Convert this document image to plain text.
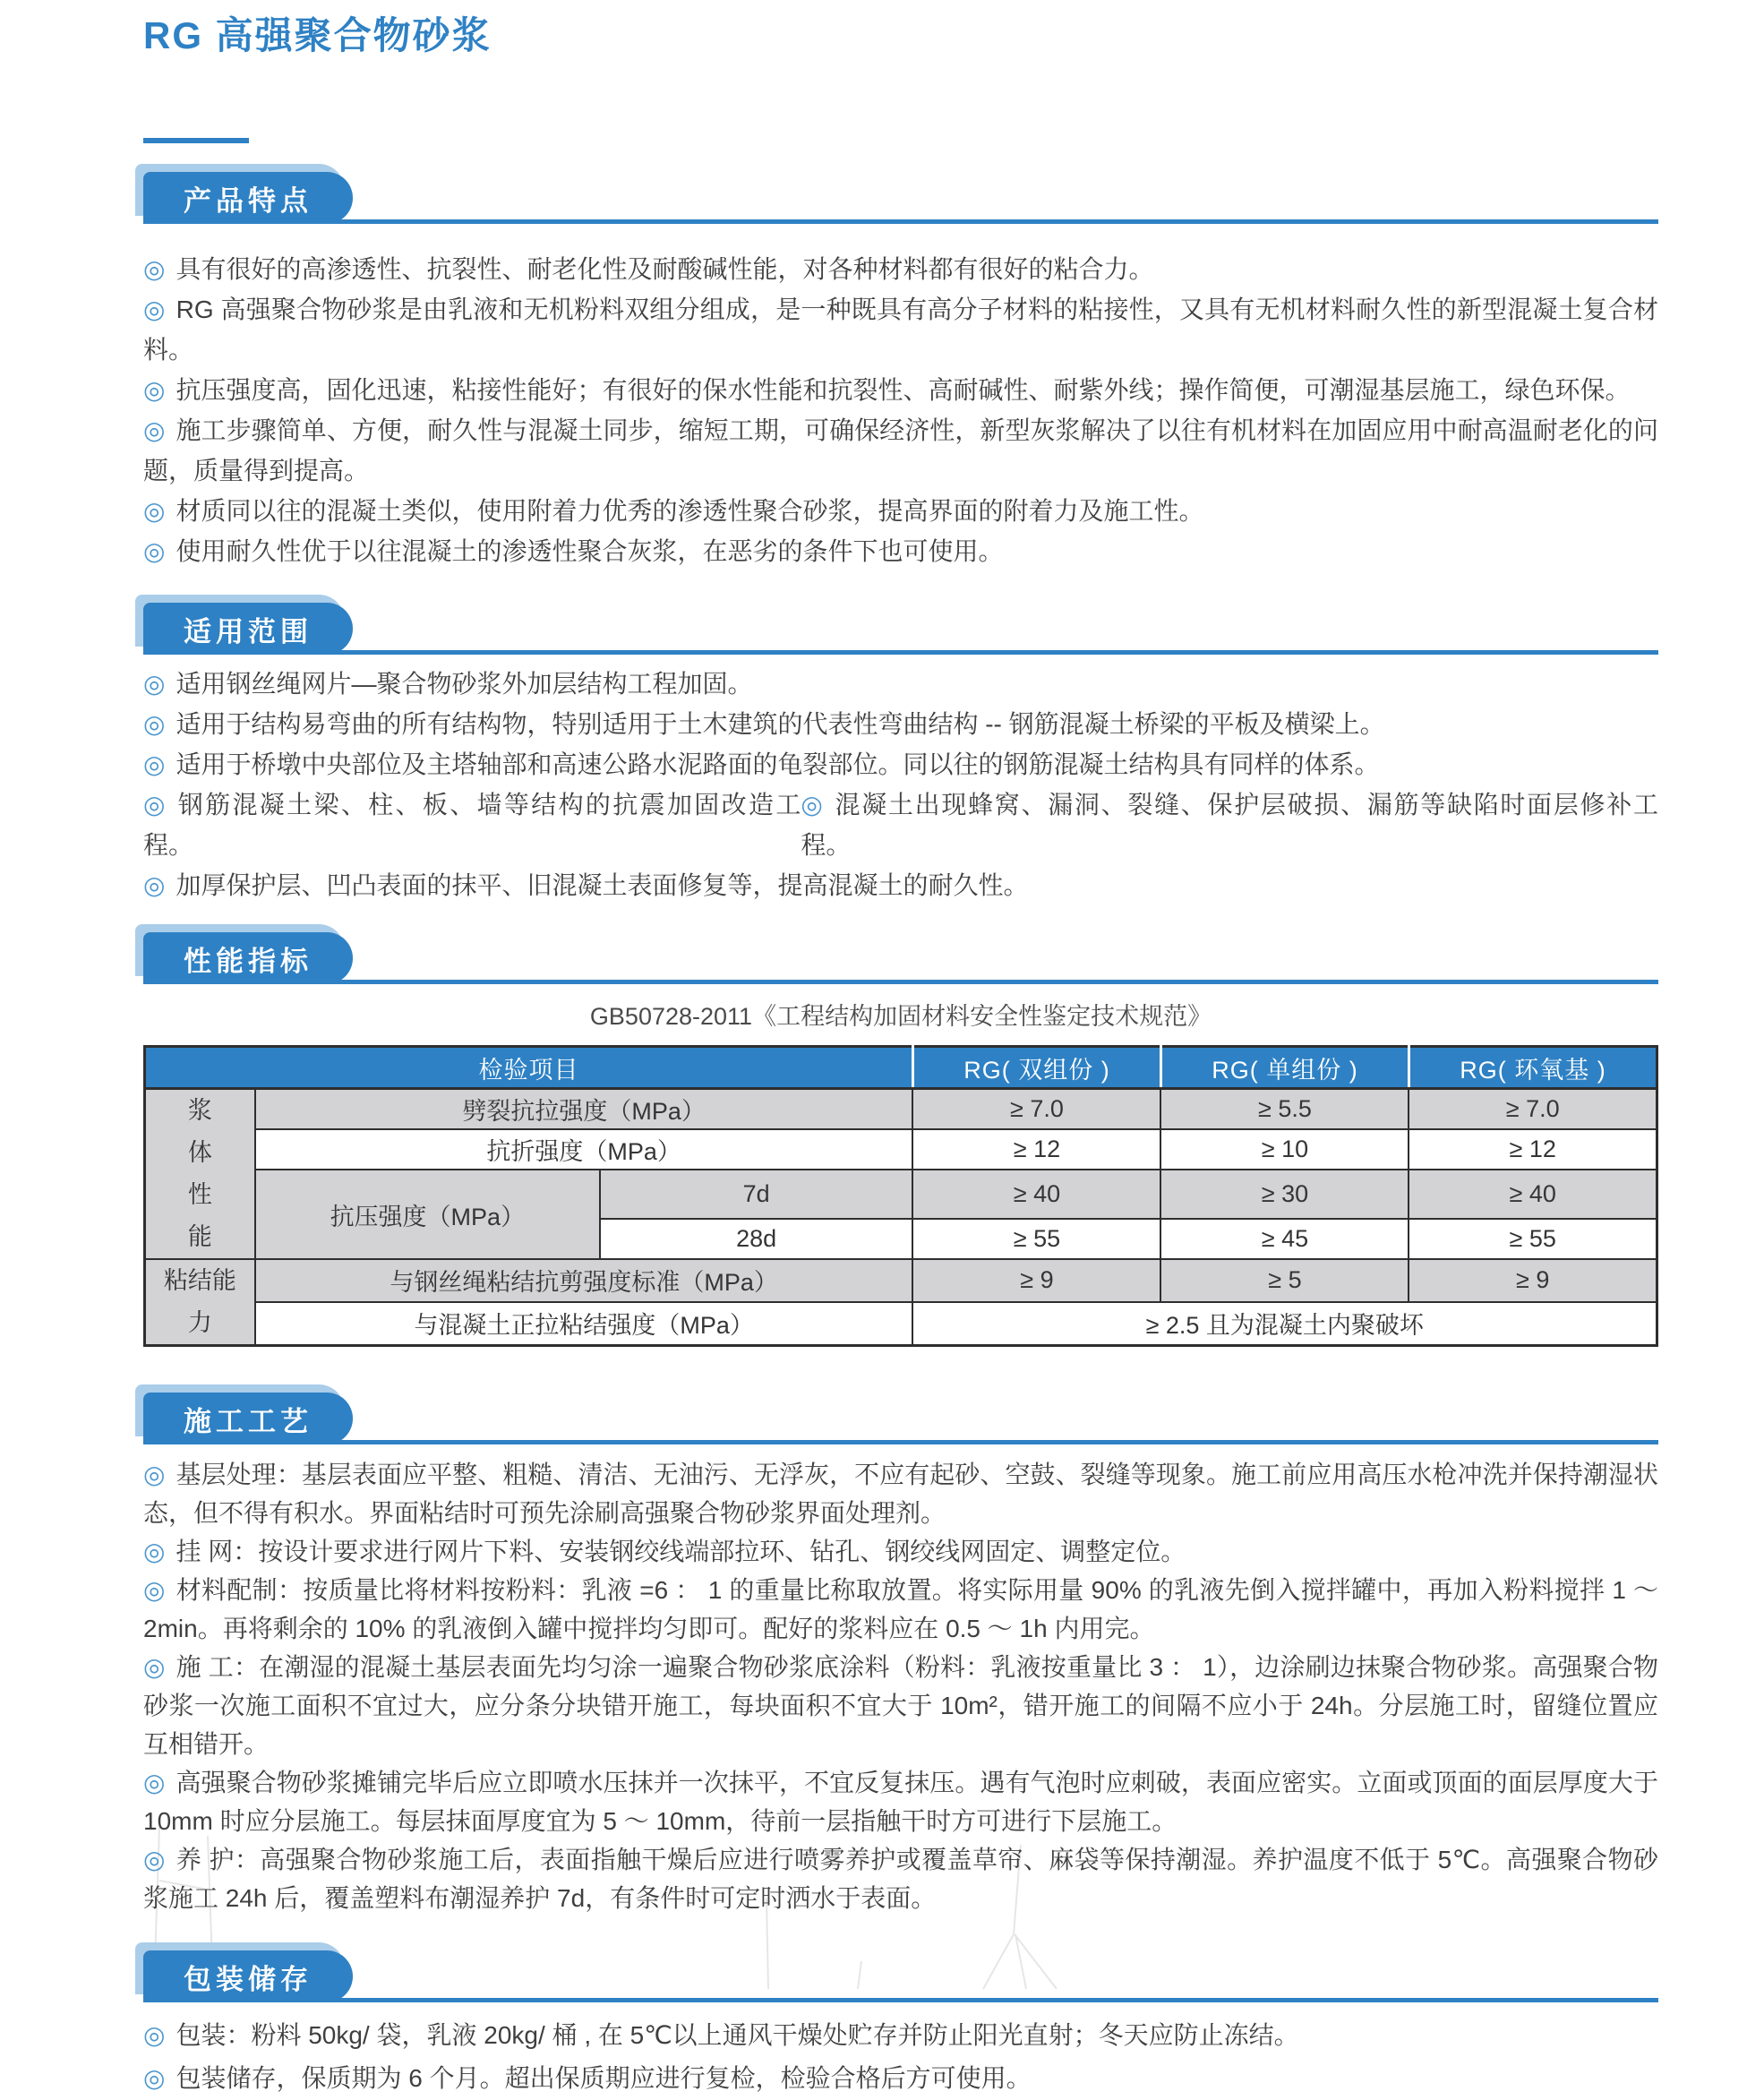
RG 高强聚合物砂浆
产品特点

◎ 具有很好的高渗透性、抗裂性、耐老化性及耐酸碱性能，对各种材料都有很好的粘合力。

◎ RG 高强聚合物砂浆是由乳液和无机粉料双组分组成，是一种既具有高分子材料的粘接性，又具有无机材料耐久性的新型混凝土复合材料。

◎ 抗压强度高，固化迅速，粘接性能好；有很好的保水性能和抗裂性、高耐碱性、耐紫外线；操作简便，可潮湿基层施工，绿色环保。

◎ 施工步骤简单、方便，耐久性与混凝土同步，缩短工期，可确保经济性，新型灰浆解决了以往有机材料在加固应用中耐高温耐老化的问题，质量得到提高。

◎ 材质同以往的混凝土类似，使用附着力优秀的渗透性聚合砂浆，提高界面的附着力及施工性。

◎ 使用耐久性优于以往混凝土的渗透性聚合灰浆，在恶劣的条件下也可使用。

适用范围

◎ 适用钢丝绳网片—聚合物砂浆外加层结构工程加固。

◎ 适用于结构易弯曲的所有结构物，特别适用于土木建筑的代表性弯曲结构 -- 钢筋混凝土桥梁的平板及横梁上。

◎ 适用于桥墩中央部位及主塔轴部和高速公路水泥路面的龟裂部位。同以往的钢筋混凝土结构具有同样的体系。

◎ 钢筋混凝土梁、柱、板、墙等结构的抗震加固改造工程。
◎ 混凝土出现蜂窝、漏洞、裂缝、保护层破损、漏筋等缺陷时面层修补工程。

◎ 加厚保护层、凹凸表面的抹平、旧混凝土表面修复等，提高混凝土的耐久性。

性能指标
GB50728-2011《工程结构加固材料安全性鉴定技术规范》
检验项目			RG( 双组份 )	RG( 单组份 )	RG( 环氧基 )
浆体性能	劈裂抗拉强度（MPa）		≥ 7.0	≥ 5.5	≥ 7.0
	抗折强度（MPa）		≥ 12	≥ 10	≥ 12
	抗压强度（MPa）	7d	≥ 40	≥ 30	≥ 40
		28d	≥ 55	≥ 45	≥ 55
粘结能力	与钢丝绳粘结抗剪强度标准（MPa）		≥ 9	≥ 5	≥ 9
	与混凝土正拉粘结强度（MPa）		≥ 2.5 且为混凝土内聚破坏		
施工工艺

◎ 基层处理：基层表面应平整、粗糙、清洁、无油污、无浮灰，不应有起砂、空鼓、裂缝等现象。施工前应用高压水枪冲洗并保持潮湿状态，但不得有积水。界面粘结时可预先涂刷高强聚合物砂浆界面处理剂。

◎ 挂 网：按设计要求进行网片下料、安装钢绞线端部拉环、钻孔、钢绞线网固定、调整定位。

◎ 材料配制：按质量比将材料按粉料：乳液 =6 ： 1 的重量比称取放置。将实际用量 90% 的乳液先倒入搅拌罐中，再加入粉料搅拌 1 ～ 2min。再将剩余的 10% 的乳液倒入罐中搅拌均匀即可。配好的浆料应在 0.5 ～ 1h 内用完。

◎ 施 工：在潮湿的混凝土基层表面先均匀涂一遍聚合物砂浆底涂料（粉料：乳液按重量比 3 ： 1），边涂刷边抹聚合物砂浆。高强聚合物砂浆一次施工面积不宜过大，应分条分块错开施工，每块面积不宜大于 10m²，错开施工的间隔不应小于 24h。分层施工时，留缝位置应互相错开。

◎ 高强聚合物砂浆摊铺完毕后应立即喷水压抹并一次抹平，不宜反复抹压。遇有气泡时应刺破，表面应密实。立面或顶面的面层厚度大于 10mm 时应分层施工。每层抹面厚度宜为 5 ～ 10mm，待前一层指触干时方可进行下层施工。

◎ 养 护：高强聚合物砂浆施工后，表面指触干燥后应进行喷雾养护或覆盖草帘、麻袋等保持潮湿。养护温度不低于 5℃。高强聚合物砂浆施工 24h 后，覆盖塑料布潮湿养护 7d，有条件时可定时洒水于表面。

包装储存

◎ 包装：粉料 50kg/ 袋，乳液 20kg/ 桶 , 在 5℃以上通风干燥处贮存并防止阳光直射；冬天应防止冻结。

◎ 包装储存，保质期为 6 个月。超出保质期应进行复检，检验合格后方可使用。
